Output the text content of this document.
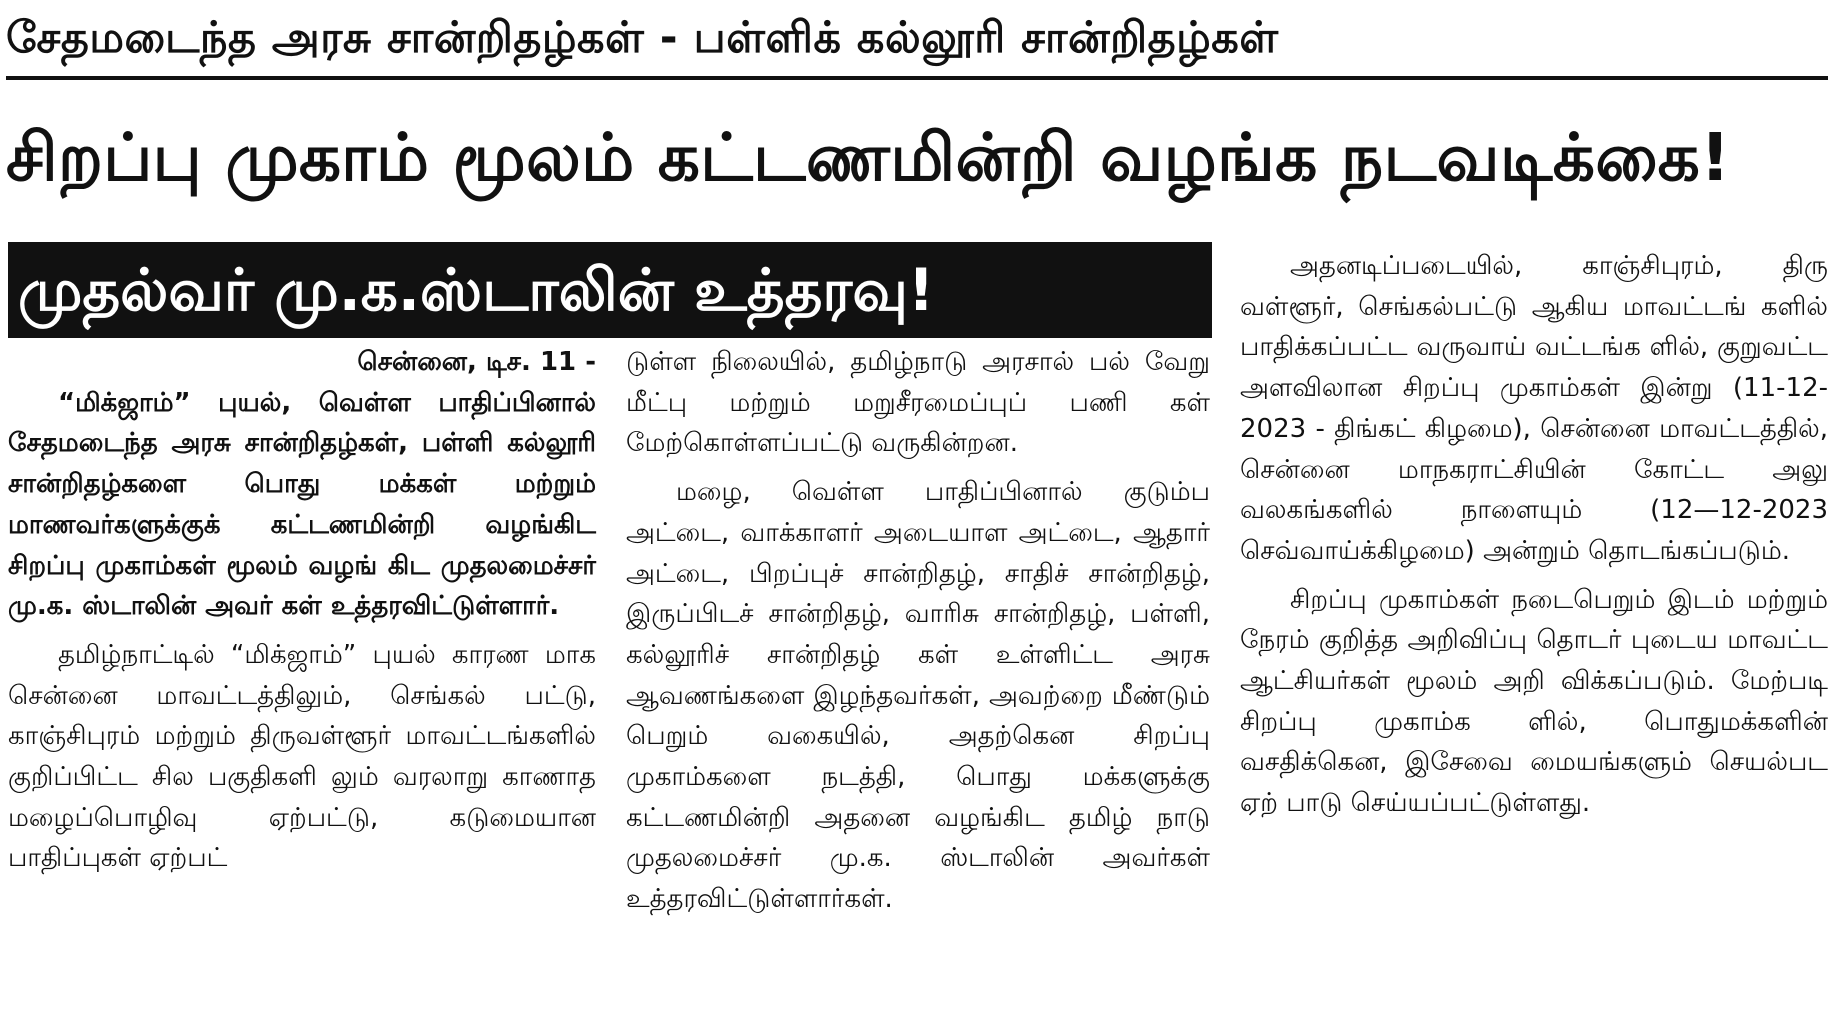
சேதமடைந்த அரசு சான்றிதழ்கள் - பள்ளிக் கல்லூரி சான்றிதழ்கள்
சிறப்பு முகாம் மூலம் கட்டணமின்றி வழங்க நடவடிக்கை!
முதல்வர் மு.க.ஸ்டாலின் உத்தரவு!

சென்னை, டிச. 11 -

“மிக்ஜாம்” புயல், வெள்ள பாதிப்பினால் சேதமடைந்த அரசு சான்றிதழ்கள், பள்ளி கல்லூரி சான்றிதழ்களை பொது மக்கள் மற்றும் மாணவர்களுக்குக் கட்டணமின்றி வழங்கிட சிறப்பு முகாம்கள் மூலம் வழங் கிட முதலமைச்சர் மு.க. ஸ்டாலின் அவர் கள் உத்தரவிட்டுள்ளார்.

தமிழ்நாட்டில் “மிக்ஜாம்” புயல் காரண மாக சென்னை மாவட்டத்திலும், செங்கல் பட்டு, காஞ்சிபுரம் மற்றும் திருவள்ளூர் மாவட்டங்களில் குறிப்பிட்ட சில பகுதிகளி லும் வரலாறு காணாத மழைப்பொழிவு ஏற்பட்டு, கடுமையான பாதிப்புகள் ஏற்பட்

டுள்ள நிலையில், தமிழ்நாடு அரசால் பல் வேறு மீட்பு மற்றும் மறுசீரமைப்புப் பணி கள் மேற்கொள்ளப்பட்டு வருகின்றன.

மழை, வெள்ள பாதிப்பினால் குடும்ப அட்டை, வாக்காளர் அடையாள அட்டை, ஆதார் அட்டை, பிறப்புச் சான்றிதழ், சாதிச் சான்றிதழ், இருப்பிடச் சான்றிதழ், வாரிசு சான்றிதழ், பள்ளி, கல்லூரிச் சான்றிதழ் கள் உள்ளிட்ட அரசு ஆவணங்களை இழந்தவர்கள், அவற்றை மீண்டும் பெறும் வகையில், அதற்கென சிறப்பு முகாம்களை நடத்தி, பொது மக்களுக்கு கட்டணமின்றி அதனை வழங்கிட தமிழ் நாடு முதலமைச்சர் மு.க. ஸ்டாலின் அவர்கள் உத்தரவிட்டுள்ளார்கள்.

அதனடிப்படையில், காஞ்சிபுரம், திரு வள்ளூர், செங்கல்பட்டு ஆகிய மாவட்டங் களில் பாதிக்கப்பட்ட வருவாய் வட்டங்க ளில், குறுவட்ட அளவிலான சிறப்பு முகாம்கள் இன்று (11-12-2023 - திங்கட் கிழமை), சென்னை மாவட்டத்தில், சென்னை மாநகராட்சியின் கோட்ட அலு வலகங்களில் நாளையும் (12—12-2023 செவ்வாய்க்கிழமை) அன்றும் தொடங்கப்படும்.

சிறப்பு முகாம்கள் நடைபெறும் இடம் மற்றும் நேரம் குறித்த அறிவிப்பு தொடர் புடைய மாவட்ட ஆட்சியர்கள் மூலம் அறி விக்கப்படும். மேற்படி சிறப்பு முகாம்க ளில், பொதுமக்களின் வசதிக்கென, இசேவை மையங்களும் செயல்பட ஏற் பாடு செய்யப்பட்டுள்ளது.
